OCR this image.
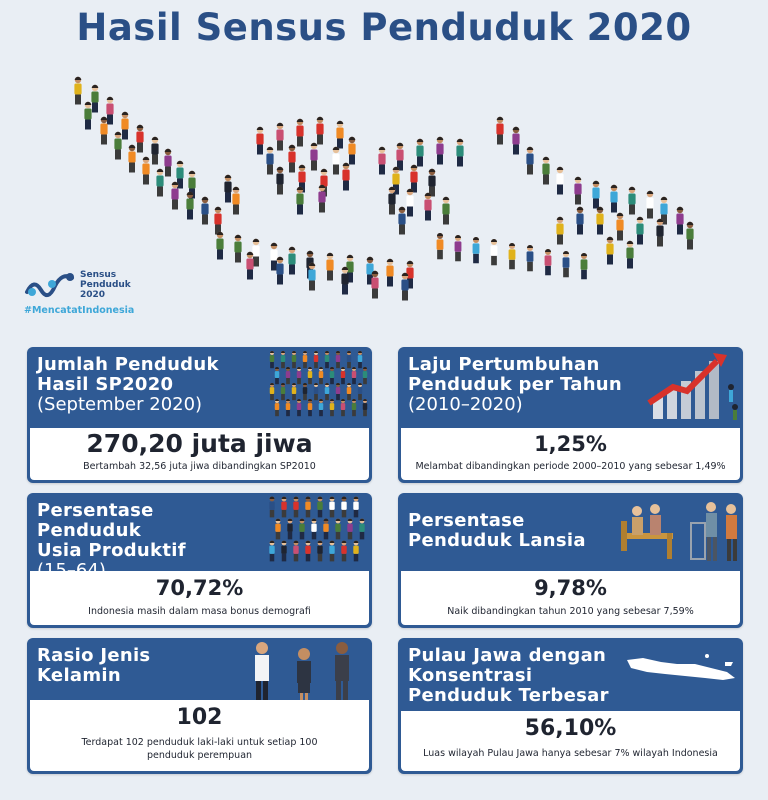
Hasil Sensus Penduduk 2020
Sensus
Penduduk
2020
#MencatatIndonesia
Jumlah Penduduk
Hasil SP2020
(September 2020)
270,20 juta jiwa
Bertambah 32,56 juta jiwa dibandingkan SP2010
Laju Pertumbuhan
Penduduk per Tahun
(2010–2020)
1,25%
Melambat dibandingkan periode 2000–2010 yang sebesar 1,49%
Persentase Penduduk
Usia Produktif
70,72%
Indonesia masih dalam masa bonus demografi
Persentase
Penduduk Lansia
9,78%
Naik dibandingkan tahun 2010 yang sebesar 7,59%
Rasio Jenis
Kelamin
102
Terdapat 102 penduduk laki-laki untuk setiap 100 penduduk perempuan
Pulau Jawa dengan
Konsentrasi
Penduduk Terbesar
56,10%
Luas wilayah Pulau Jawa hanya sebesar 7% wilayah Indonesia
